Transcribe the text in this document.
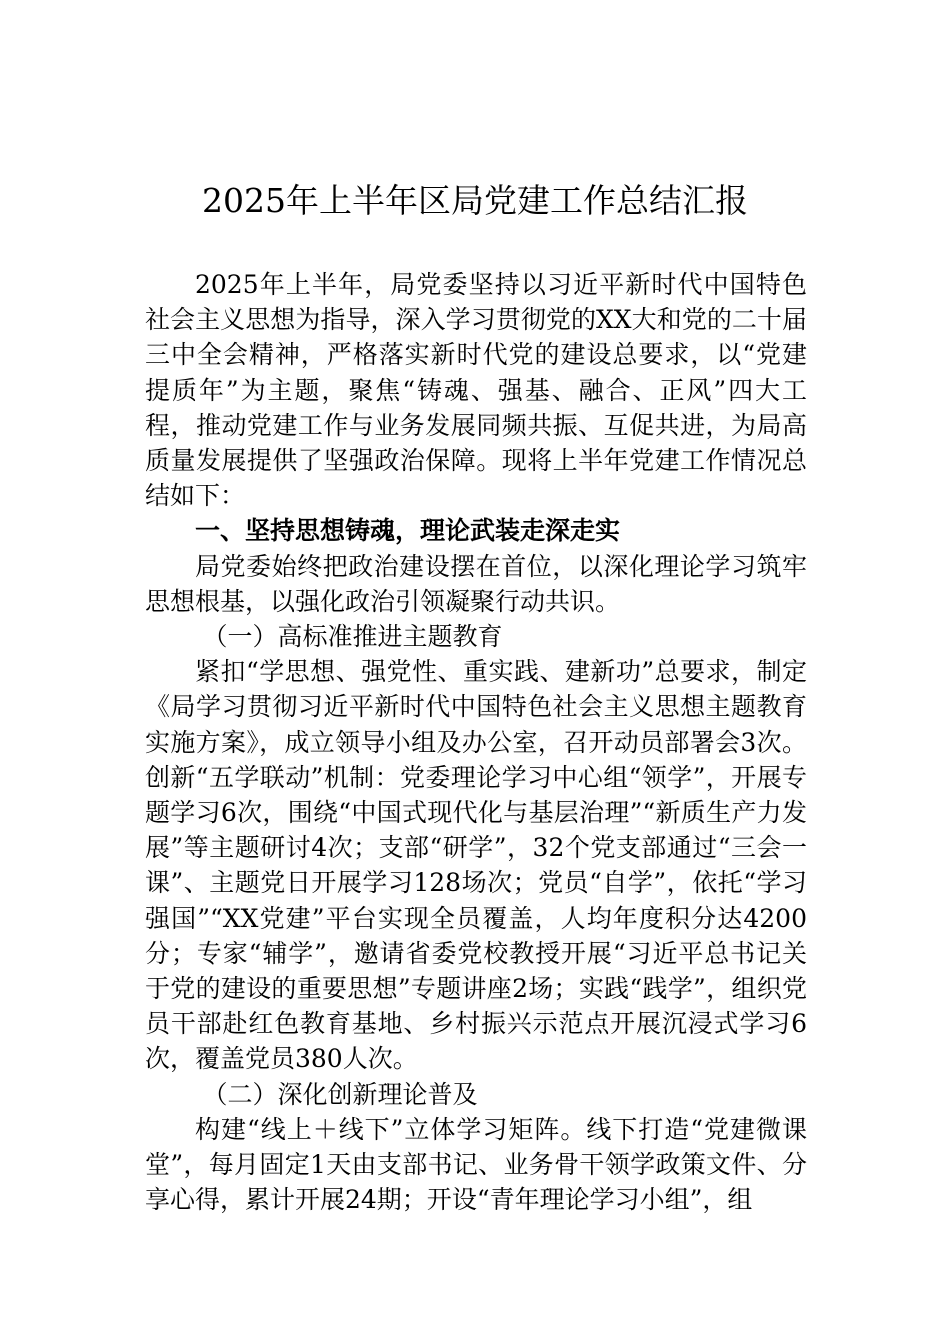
2025年上半年区局党建工作总结汇报

2025年上半年，局党委坚持以习近平新时代中国特色社会主义思想为指导，深入学习贯彻党的XX大和党的二十届三中全会精神，严格落实新时代党的建设总要求，以“党建提质年”为主题，聚焦“铸魂、强基、融合、正风”四大工程，推动党建工作与业务发展同频共振、互促共进，为局高质量发展提供了坚强政治保障。现将上半年党建工作情况总结如下：

一、坚持思想铸魂，理论武装走深走实

局党委始终把政治建设摆在首位，以深化理论学习筑牢思想根基，以强化政治引领凝聚行动共识。

（一）高标准推进主题教育

紧扣“学思想、强党性、重实践、建新功”总要求，制定《局学习贯彻习近平新时代中国特色社会主义思想主题教育实施方案》，成立领导小组及办公室，召开动员部署会3次。创新“五学联动”机制：党委理论学习中心组“领学”，开展专题学习6次，围绕“中国式现代化与基层治理”“新质生产力发展”等主题研讨4次；支部“研学”，32个党支部通过“三会一课”、主题党日开展学习128场次；党员“自学”，依托“学习强国”“XX党建”平台实现全员覆盖，人均年度积分达4200分；专家“辅学”，邀请省委党校教授开展“习近平总书记关于党的建设的重要思想”专题讲座2场；实践“践学”，组织党员干部赴红色教育基地、乡村振兴示范点开展沉浸式学习6次，覆盖党员380人次。

（二）深化创新理论普及

构建“线上＋线下”立体学习矩阵。线下打造“党建微课堂”，每月固定1天由支部书记、业务骨干领学政策文件、分享心得，累计开展24期；开设“青年理论学习小组”，组
